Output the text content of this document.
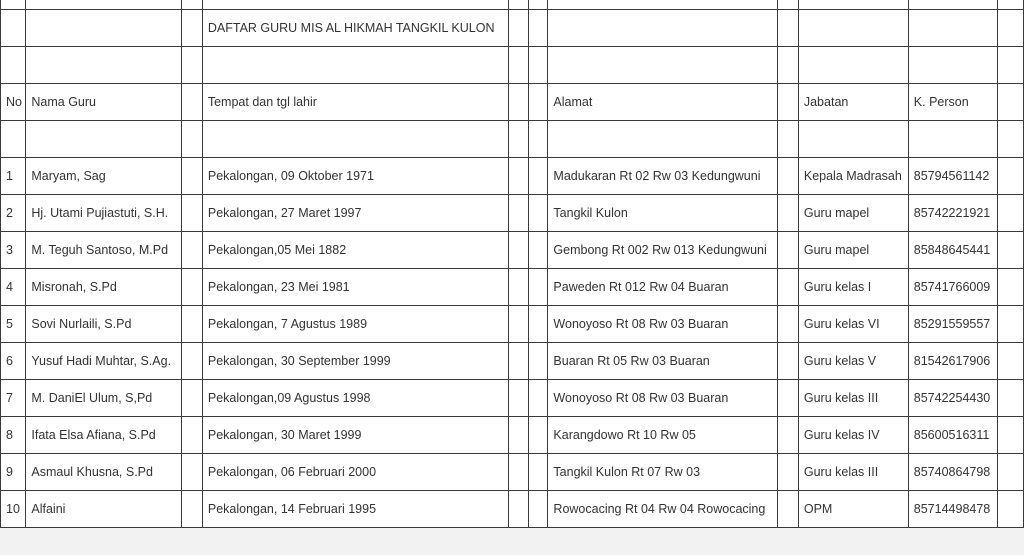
			DAFTAR GURU MIS AL HIKMAH TANGKIL KULON							

No	Nama Guru		Tempat dan tgl lahir			Alamat		Jabatan	K. Person	

1	Maryam, Sag		Pekalongan, 09 Oktober 1971			Madukaran Rt 02 Rw 03 Kedungwuni		Kepala Madrasah	85794561142	
2	Hj. Utami Pujiastuti, S.H.		Pekalongan, 27 Maret 1997			Tangkil Kulon		Guru mapel	85742221921	
3	M. Teguh Santoso, M.Pd		Pekalongan,05 Mei 1882			Gembong Rt 002 Rw 013 Kedungwuni		Guru mapel	85848645441	
4	Misronah, S.Pd		Pekalongan, 23 Mei 1981			Paweden Rt 012 Rw 04 Buaran		Guru kelas I	85741766009	
5	Sovi Nurlaili, S.Pd		Pekalongan, 7 Agustus 1989			Wonoyoso Rt 08 Rw 03 Buaran		Guru kelas VI	85291559557	
6	Yusuf Hadi Muhtar, S.Ag.		Pekalongan, 30 September 1999			Buaran Rt 05 Rw 03 Buaran		Guru kelas V	81542617906	
7	M. DaniEl Ulum, S,Pd		Pekalongan,09 Agustus 1998			Wonoyoso Rt 08 Rw 03 Buaran		Guru kelas III	85742254430	
8	Ifata Elsa Afiana, S.Pd		Pekalongan, 30 Maret 1999			Karangdowo Rt 10 Rw 05		Guru kelas IV	85600516311	
9	Asmaul Khusna, S.Pd		Pekalongan, 06 Februari 2000			Tangkil Kulon Rt 07 Rw 03		Guru kelas III	85740864798	
10	Alfaini		Pekalongan, 14 Februari 1995			Rowocacing Rt 04 Rw 04 Rowocacing		OPM	85714498478	
